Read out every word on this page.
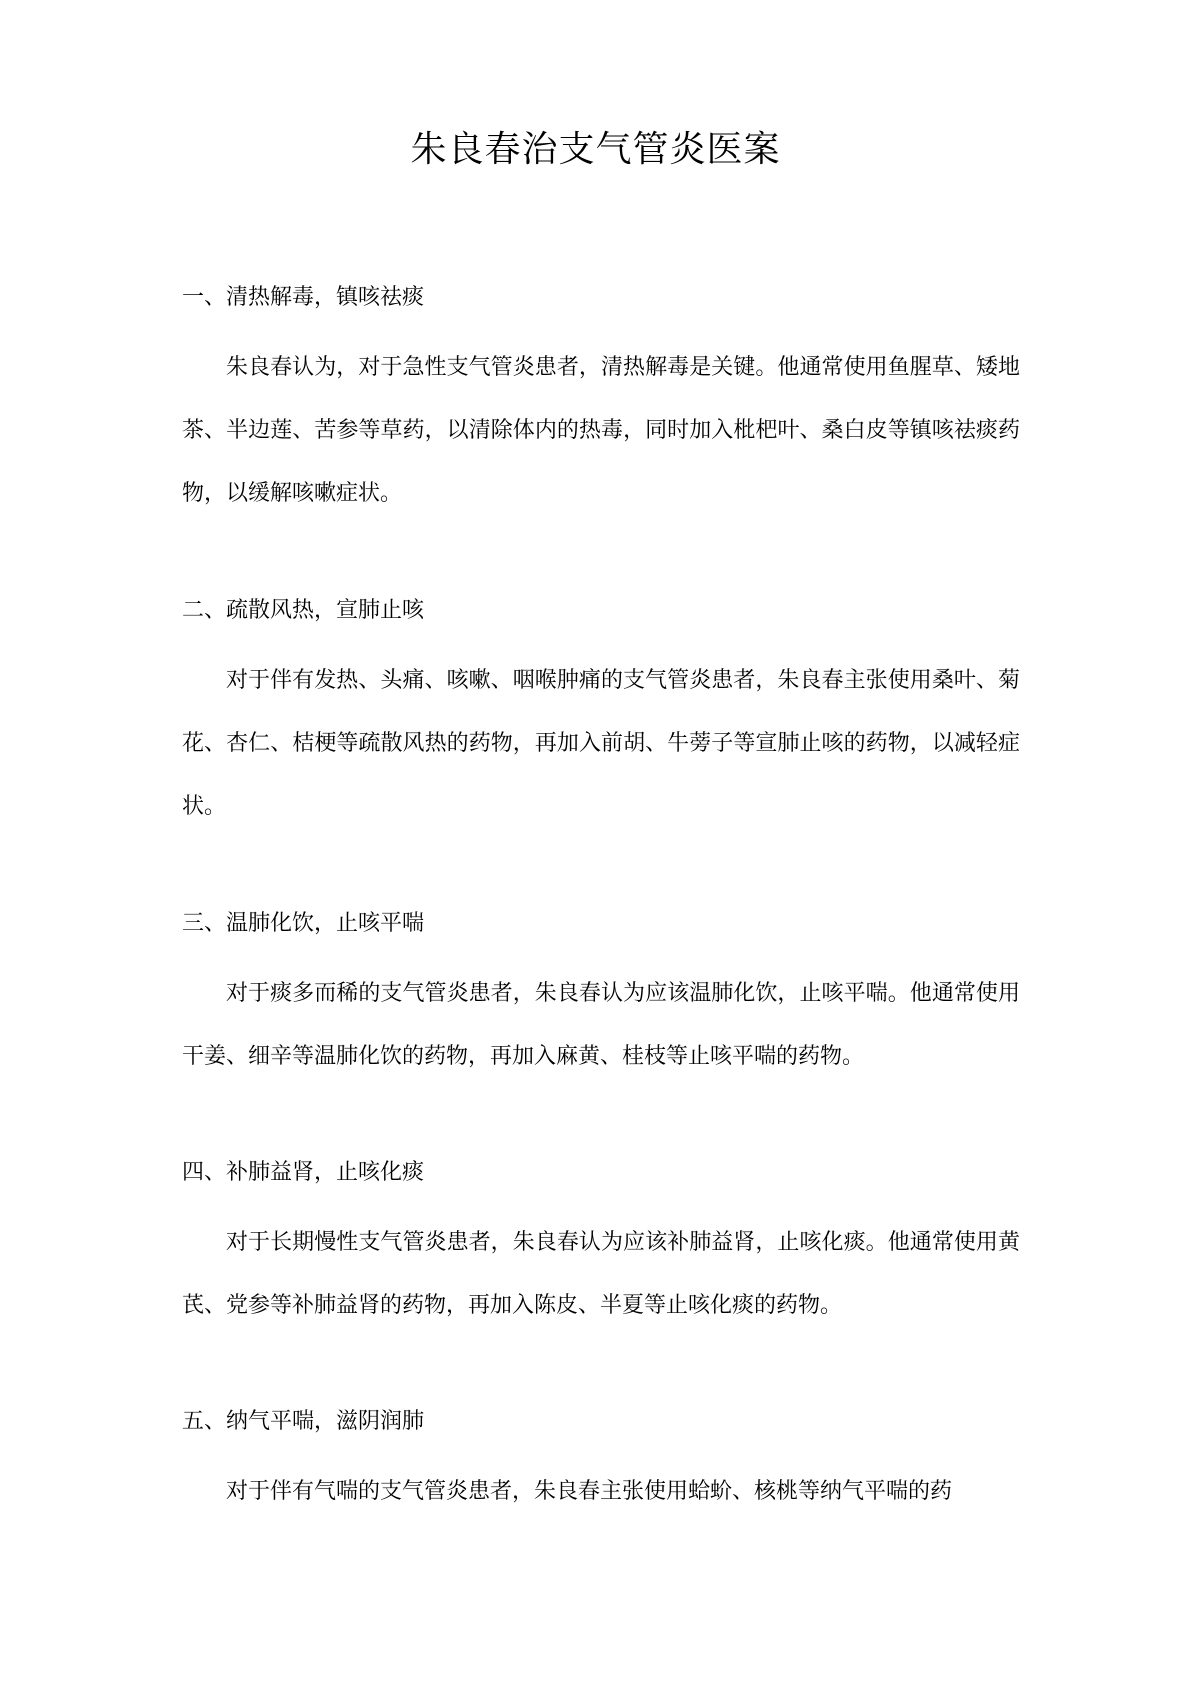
朱良春治支气管炎医案

一、清热解毒，镇咳祛痰

朱良春认为，对于急性支气管炎患者，清热解毒是关键。他通常使用鱼腥草、矮地茶、半边莲、苦参等草药，以清除体内的热毒，同时加入枇杷叶、桑白皮等镇咳祛痰药物，以缓解咳嗽症状。

二、疏散风热，宣肺止咳

对于伴有发热、头痛、咳嗽、咽喉肿痛的支气管炎患者，朱良春主张使用桑叶、菊花、杏仁、桔梗等疏散风热的药物，再加入前胡、牛蒡子等宣肺止咳的药物，以减轻症状。

三、温肺化饮，止咳平喘

对于痰多而稀的支气管炎患者，朱良春认为应该温肺化饮，止咳平喘。他通常使用干姜、细辛等温肺化饮的药物，再加入麻黄、桂枝等止咳平喘的药物。

四、补肺益肾，止咳化痰

对于长期慢性支气管炎患者，朱良春认为应该补肺益肾，止咳化痰。他通常使用黄芪、党参等补肺益肾的药物，再加入陈皮、半夏等止咳化痰的药物。

五、纳气平喘，滋阴润肺

对于伴有气喘的支气管炎患者，朱良春主张使用蛤蚧、核桃等纳气平喘的药
